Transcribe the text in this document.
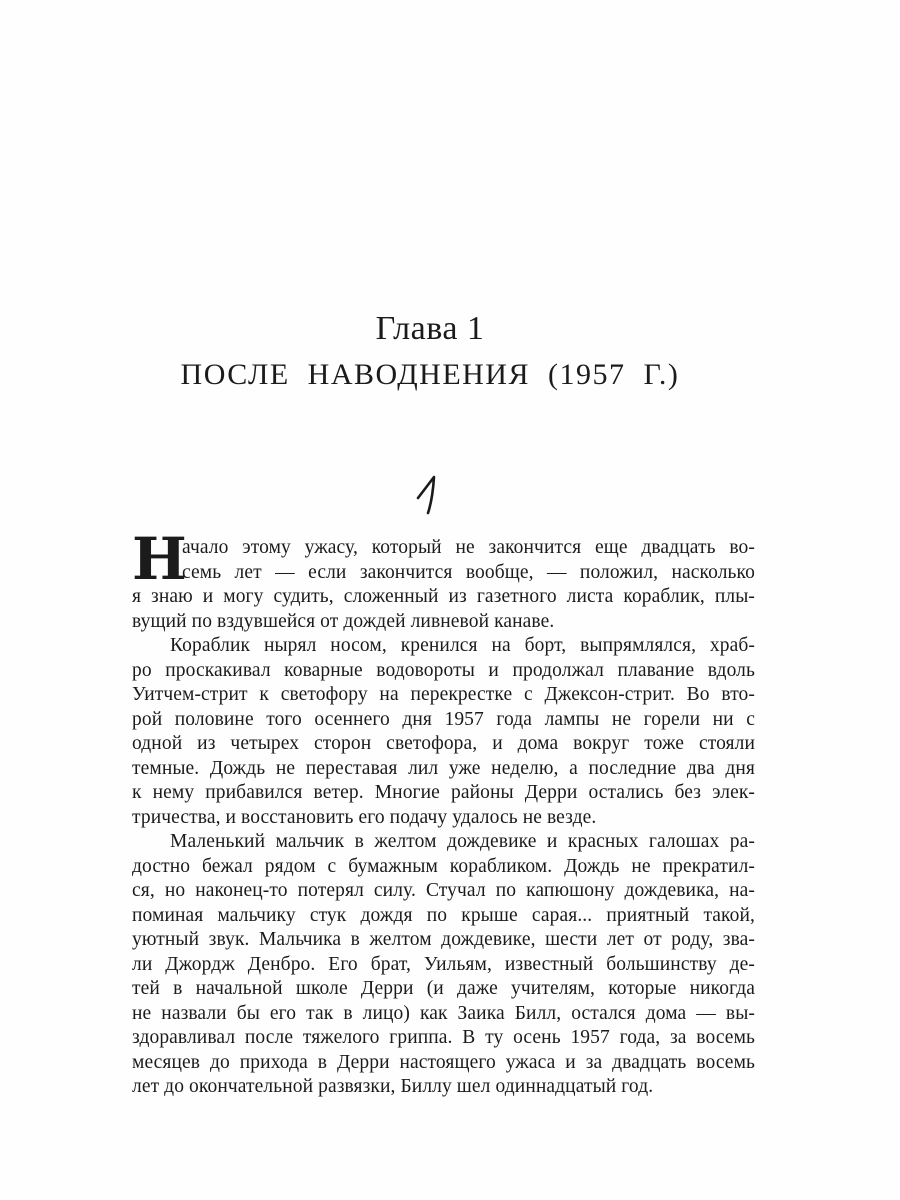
Глава 1
ПОСЛЕ НАВОДНЕНИЯ (1957 Г.)
Н
ачало этому ужасу, который не закончится еще двадцать во-
семь лет — если закончится вообще, — положил, насколько
я знаю и могу судить, сложенный из газетного листа кораблик, плы-
вущий по вздувшейся от дождей ливневой канаве.
Кораблик нырял носом, кренился на борт, выпрямлялся, храб-
ро проскакивал коварные водовороты и продолжал плавание вдоль
Уитчем-стрит к светофору на перекрестке с Джексон-стрит. Во вто-
рой половине того осеннего дня 1957 года лампы не горели ни с
одной из четырех сторон светофора, и дома вокруг тоже стояли
темные. Дождь не переставая лил уже неделю, а последние два дня
к нему прибавился ветер. Многие районы Дерри остались без элек-
тричества, и восстановить его подачу удалось не везде.
Маленький мальчик в желтом дождевике и красных галошах ра-
достно бежал рядом с бумажным корабликом. Дождь не прекратил-
ся, но наконец-то потерял силу. Стучал по капюшону дождевика, на-
поминая мальчику стук дождя по крыше сарая... приятный такой,
уютный звук. Мальчика в желтом дождевике, шести лет от роду, зва-
ли Джордж Денбро. Его брат, Уильям, известный большинству де-
тей в начальной школе Дерри (и даже учителям, которые никогда
не назвали бы его так в лицо) как Заика Билл, остался дома — вы-
здоравливал после тяжелого гриппа. В ту осень 1957 года, за восемь
месяцев до прихода в Дерри настоящего ужаса и за двадцать восемь
лет до окончательной развязки, Биллу шел одиннадцатый год.
